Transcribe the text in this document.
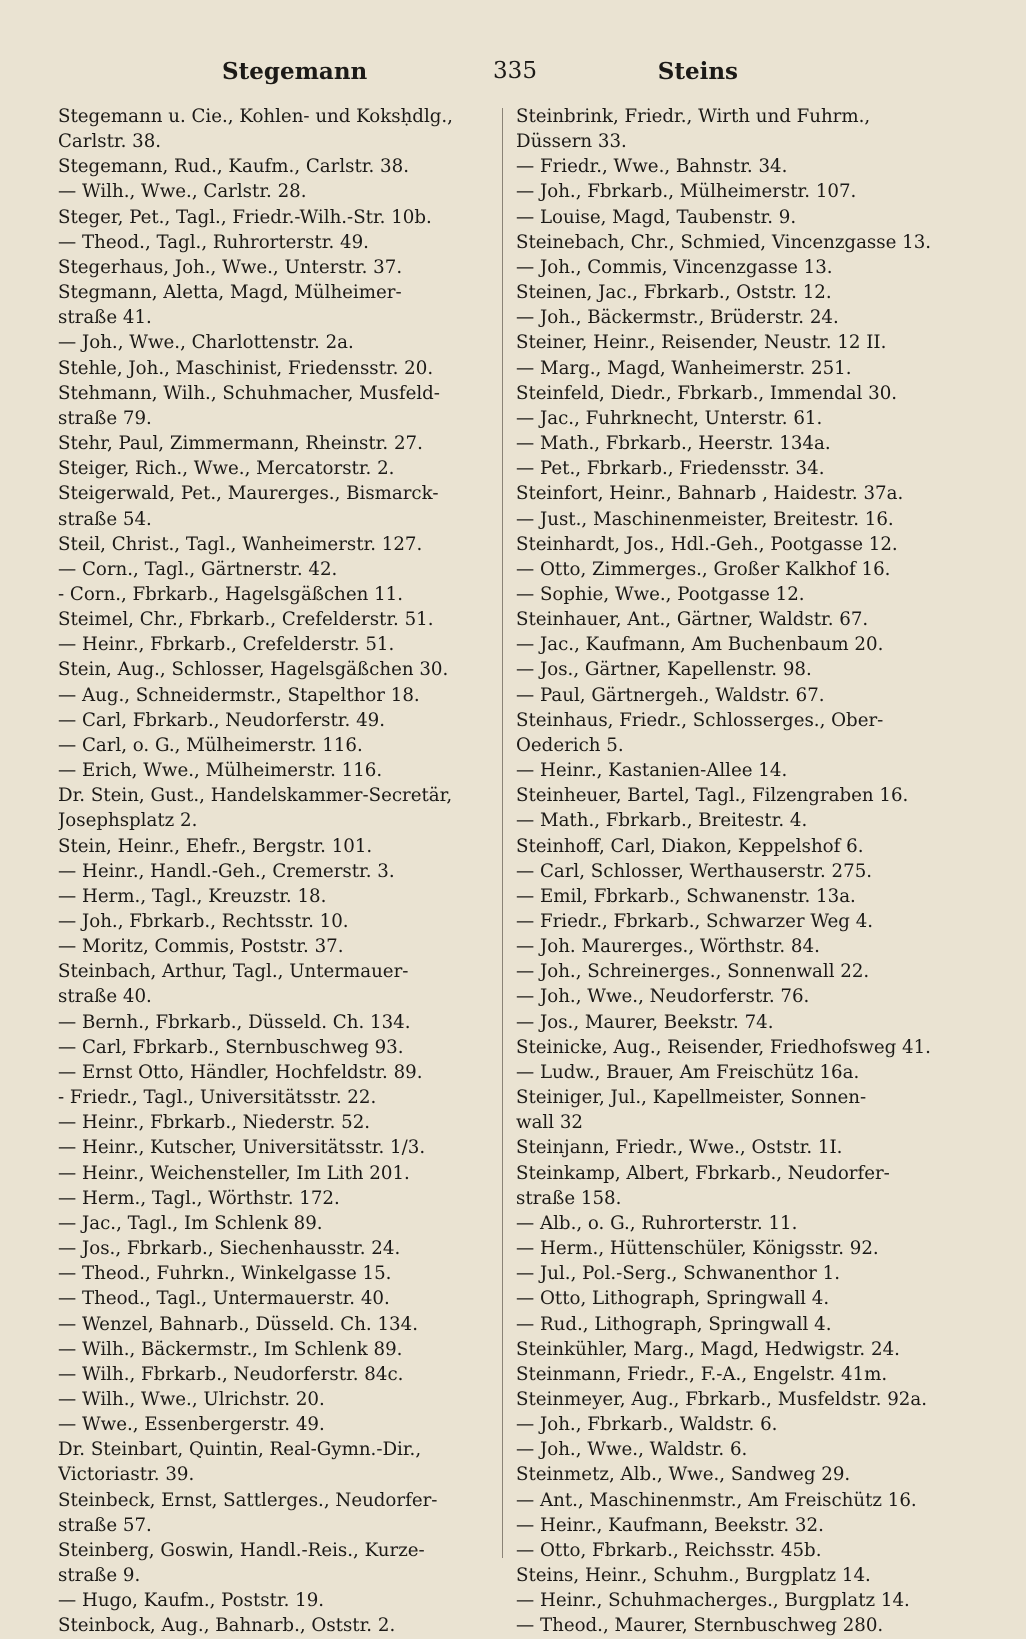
Stegemann	335	Steins
Stegemann u. Cie., Kohlen- und Koksḥdlg.,
Carlstr. 38.
Stegemann, Rud., Kaufm., Carlstr. 38.
— Wilh., Wwe., Carlstr. 28.
Steger, Pet., Tagl., Friedr.-Wilh.-Str. 10b.
— Theod., Tagl., Ruhrorterstr. 49.
Stegerhaus, Joh., Wwe., Unterstr. 37.
Stegmann, Aletta, Magd, Mülheimer-
straße 41.
— Joh., Wwe., Charlottenstr. 2a.
Stehle, Joh., Maschinist, Friedensstr. 20.
Stehmann, Wilh., Schuhmacher, Musfeld-
straße 79.
Stehr, Paul, Zimmermann, Rheinstr. 27.
Steiger, Rich., Wwe., Mercatorstr. 2.
Steigerwald, Pet., Maurerges., Bismarck-
straße 54.
Steil, Christ., Tagl., Wanheimerstr. 127.
— Corn., Tagl., Gärtnerstr. 42.
- Corn., Fbrkarb., Hagelsgäßchen 11.
Steimel, Chr., Fbrkarb., Crefelderstr. 51.
— Heinr., Fbrkarb., Crefelderstr. 51.
Stein, Aug., Schlosser, Hagelsgäßchen 30.
— Aug., Schneidermstr., Stapelthor 18.
— Carl, Fbrkarb., Neudorferstr. 49.
— Carl, o. G., Mülheimerstr. 116.
— Erich, Wwe., Mülheimerstr. 116.
Dr. Stein, Gust., Handelskammer-Secretär,
Josephsplatz 2.
Stein, Heinr., Ehefr., Bergstr. 101.
— Heinr., Handl.-Geh., Cremerstr. 3.
— Herm., Tagl., Kreuzstr. 18.
— Joh., Fbrkarb., Rechtsstr. 10.
— Moritz, Commis, Poststr. 37.
Steinbach, Arthur, Tagl., Untermauer-
straße 40.
— Bernh., Fbrkarb., Düsseld. Ch. 134.
— Carl, Fbrkarb., Sternbuschweg 93.
— Ernst Otto, Händler, Hochfeldstr. 89.
- Friedr., Tagl., Universitätsstr. 22.
— Heinr., Fbrkarb., Niederstr. 52.
— Heinr., Kutscher, Universitätsstr. 1/3.
— Heinr., Weichensteller, Im Lith 201.
— Herm., Tagl., Wörthstr. 172.
— Jac., Tagl., Im Schlenk 89.
— Jos., Fbrkarb., Siechenhausstr. 24.
— Theod., Fuhrkn., Winkelgasse 15.
— Theod., Tagl., Untermauerstr. 40.
— Wenzel, Bahnarb., Düsseld. Ch. 134.
— Wilh., Bäckermstr., Im Schlenk 89.
— Wilh., Fbrkarb., Neudorferstr. 84c.
— Wilh., Wwe., Ulrichstr. 20.
— Wwe., Essenbergerstr. 49.
Dr. Steinbart, Quintin, Real-Gymn.-Dir.,
Victoriastr. 39.
Steinbeck, Ernst, Sattlerges., Neudorfer-
straße 57.
Steinberg, Goswin, Handl.-Reis., Kurze-
straße 9.
— Hugo, Kaufm., Poststr. 19.
Steinbock, Aug., Bahnarb., Oststr. 2.
Steinbrink, Friedr., Wirth und Fuhrm.,
Düssern 33.
— Friedr., Wwe., Bahnstr. 34.
— Joh., Fbrkarb., Mülheimerstr. 107.
— Louise, Magd, Taubenstr. 9.
Steinebach, Chr., Schmied, Vincenzgasse 13.
— Joh., Commis, Vincenzgasse 13.
Steinen, Jac., Fbrkarb., Oststr. 12.
— Joh., Bäckermstr., Brüderstr. 24.
Steiner, Heinr., Reisender, Neustr. 12 II.
— Marg., Magd, Wanheimerstr. 251.
Steinfeld, Diedr., Fbrkarb., Immendal 30.
— Jac., Fuhrknecht, Unterstr. 61.
— Math., Fbrkarb., Heerstr. 134a.
— Pet., Fbrkarb., Friedensstr. 34.
Steinfort, Heinr., Bahnarb , Haidestr. 37a.
— Just., Maschinenmeister, Breitestr. 16.
Steinhardt, Jos., Hdl.-Geh., Pootgasse 12.
— Otto, Zimmerges., Großer Kalkhof 16.
— Sophie, Wwe., Pootgasse 12.
Steinhauer, Ant., Gärtner, Waldstr. 67.
— Jac., Kaufmann, Am Buchenbaum 20.
— Jos., Gärtner, Kapellenstr. 98.
— Paul, Gärtnergeh., Waldstr. 67.
Steinhaus, Friedr., Schlosserges., Ober-
Oederich 5.
— Heinr., Kastanien-Allee 14.
Steinheuer, Bartel, Tagl., Filzengraben 16.
— Math., Fbrkarb., Breitestr. 4.
Steinhoff, Carl, Diakon, Keppelshof 6.
— Carl, Schlosser, Werthauserstr. 275.
— Emil, Fbrkarb., Schwanenstr. 13a.
— Friedr., Fbrkarb., Schwarzer Weg 4.
— Joh. Maurerges., Wörthstr. 84.
— Joh., Schreinerges., Sonnenwall 22.
— Joh., Wwe., Neudorferstr. 76.
— Jos., Maurer, Beekstr. 74.
Steinicke, Aug., Reisender, Friedhofsweg 41.
— Ludw., Brauer, Am Freischütz 16a.
Steiniger, Jul., Kapellmeister, Sonnen-
wall 32
Steinjann, Friedr., Wwe., Oststr. 1I.
Steinkamp, Albert, Fbrkarb., Neudorfer-
straße 158.
— Alb., o. G., Ruhrorterstr. 11.
— Herm., Hüttenschüler, Königsstr. 92.
— Jul., Pol.-Serg., Schwanenthor 1.
— Otto, Lithograph, Springwall 4.
— Rud., Lithograph, Springwall 4.
Steinkühler, Marg., Magd, Hedwigstr. 24.
Steinmann, Friedr., F.-A., Engelstr. 41m.
Steinmeyer, Aug., Fbrkarb., Musfeldstr. 92a.
— Joh., Fbrkarb., Waldstr. 6.
— Joh., Wwe., Waldstr. 6.
Steinmetz, Alb., Wwe., Sandweg 29.
— Ant., Maschinenmstr., Am Freischütz 16.
— Heinr., Kaufmann, Beekstr. 32.
— Otto, Fbrkarb., Reichsstr. 45b.
Steins, Heinr., Schuhm., Burgplatz 14.
— Heinr., Schuhmacherges., Burgplatz 14.
— Theod., Maurer, Sternbuschweg 280.
